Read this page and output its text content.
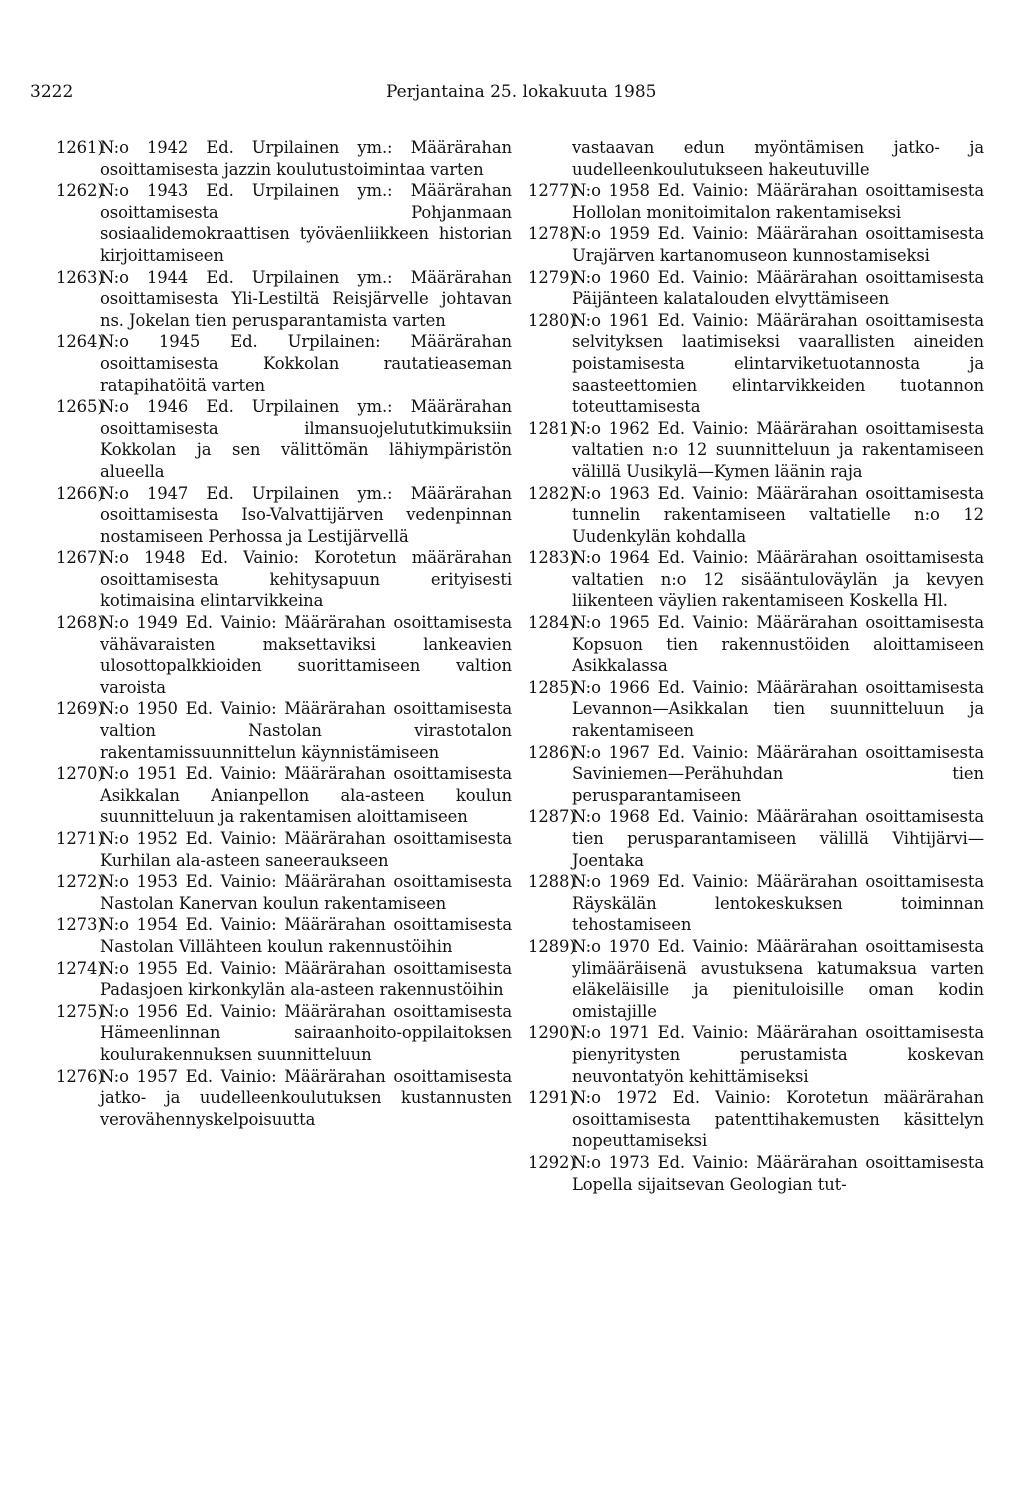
3222	Perjantaina 25. lokakuuta 1985
1261)
N:o 1942 Ed. Urpilainen ym.: Määrärahan osoittamisesta jazzin koulutustoimintaa varten
1262)
N:o 1943 Ed. Urpilainen ym.: Määrärahan osoittamisesta Pohjanmaan sosiaalidemokraattisen työväenliikkeen historian kirjoittamiseen
1263)
N:o 1944 Ed. Urpilainen ym.: Määrärahan osoittamisesta Yli-Lestiltä Reisjärvelle johtavan ns. Jokelan tien perusparantamista varten
1264)
N:o 1945 Ed. Urpilainen: Määrärahan osoittamisesta Kokkolan rautatieaseman ratapihatöitä varten
1265)
N:o 1946 Ed. Urpilainen ym.: Määrärahan osoittamisesta ilmansuojelututkimuksiin Kokkolan ja sen välittömän lähiympäristön alueella
1266)
N:o 1947 Ed. Urpilainen ym.: Määrärahan osoittamisesta Iso-Valvattijärven vedenpinnan nostamiseen Perhossa ja Lestijärvellä
1267)
N:o 1948 Ed. Vainio: Korotetun määrärahan osoittamisesta kehitysapuun erityisesti kotimaisina elintarvikkeina
1268)
N:o 1949 Ed. Vainio: Määrärahan osoittamisesta vähävaraisten maksettaviksi lankeavien ulosottopalkkioiden suorittamiseen valtion varoista
1269)
N:o 1950 Ed. Vainio: Määrärahan osoittamisesta valtion Nastolan virastotalon rakentamissuunnittelun käynnistämiseen
1270)
N:o 1951 Ed. Vainio: Määrärahan osoittamisesta Asikkalan Anianpellon ala-asteen koulun suunnitteluun ja rakentamisen aloittamiseen
1271)
N:o 1952 Ed. Vainio: Määrärahan osoittamisesta Kurhilan ala-asteen saneeraukseen
1272)
N:o 1953 Ed. Vainio: Määrärahan osoittamisesta Nastolan Kanervan koulun rakentamiseen
1273)
N:o 1954 Ed. Vainio: Määrärahan osoittamisesta Nastolan Villähteen koulun rakennustöihin
1274)
N:o 1955 Ed. Vainio: Määrärahan osoittamisesta Padasjoen kirkonkylän ala-asteen rakennustöihin
1275)
N:o 1956 Ed. Vainio: Määrärahan osoittamisesta Hämeenlinnan sairaanhoito-oppilaitoksen koulurakennuksen suunnitteluun
1276)
N:o 1957 Ed. Vainio: Määrärahan osoittamisesta jatko- ja uudelleenkoulutuksen kustannusten verovähennyskelpoisuutta
vastaavan edun myöntämisen jatko- ja uudelleenkoulutukseen hakeutuville
1277)
N:o 1958 Ed. Vainio: Määrärahan osoittamisesta Hollolan monitoimitalon rakentamiseksi
1278)
N:o 1959 Ed. Vainio: Määrärahan osoittamisesta Urajärven kartanomuseon kunnostamiseksi
1279)
N:o 1960 Ed. Vainio: Määrärahan osoittamisesta Päijänteen kalatalouden elvyttämiseen
1280)
N:o 1961 Ed. Vainio: Määrärahan osoittamisesta selvityksen laatimiseksi vaarallisten aineiden poistamisesta elintarviketuotannosta ja saasteettomien elintarvikkeiden tuotannon toteuttamisesta
1281)
N:o 1962 Ed. Vainio: Määrärahan osoittamisesta valtatien n:o 12 suunnitteluun ja rakentamiseen välillä Uusikylä—Kymen läänin raja
1282)
N:o 1963 Ed. Vainio: Määrärahan osoittamisesta tunnelin rakentamiseen valtatielle n:o 12 Uudenkylän kohdalla
1283)
N:o 1964 Ed. Vainio: Määrärahan osoittamisesta valtatien n:o 12 sisääntuloväylän ja kevyen liikenteen väylien rakentamiseen Koskella Hl.
1284)
N:o 1965 Ed. Vainio: Määrärahan osoittamisesta Kopsuon tien rakennustöiden aloittamiseen Asikkalassa
1285)
N:o 1966 Ed. Vainio: Määrärahan osoittamisesta Levannon—Asikkalan tien suunnitteluun ja rakentamiseen
1286)
N:o 1967 Ed. Vainio: Määrärahan osoittamisesta Saviniemen—Perähuhdan tien perusparantamiseen
1287)
N:o 1968 Ed. Vainio: Määrärahan osoittamisesta tien perusparantamiseen välillä Vihtijärvi—Joentaka
1288)
N:o 1969 Ed. Vainio: Määrärahan osoittamisesta Räyskälän lentokeskuksen toiminnan tehostamiseen
1289)
N:o 1970 Ed. Vainio: Määrärahan osoittamisesta ylimääräisenä avustuksena katumaksua varten eläkeläisille ja pienituloisille oman kodin omistajille
1290)
N:o 1971 Ed. Vainio: Määrärahan osoittamisesta pienyritysten perustamista koskevan neuvontatyön kehittämiseksi
1291)
N:o 1972 Ed. Vainio: Korotetun määrärahan osoittamisesta patenttihakemusten käsittelyn nopeuttamiseksi
1292)
N:o 1973 Ed. Vainio: Määrärahan osoittamisesta Lopella sijaitsevan Geologian tut-
